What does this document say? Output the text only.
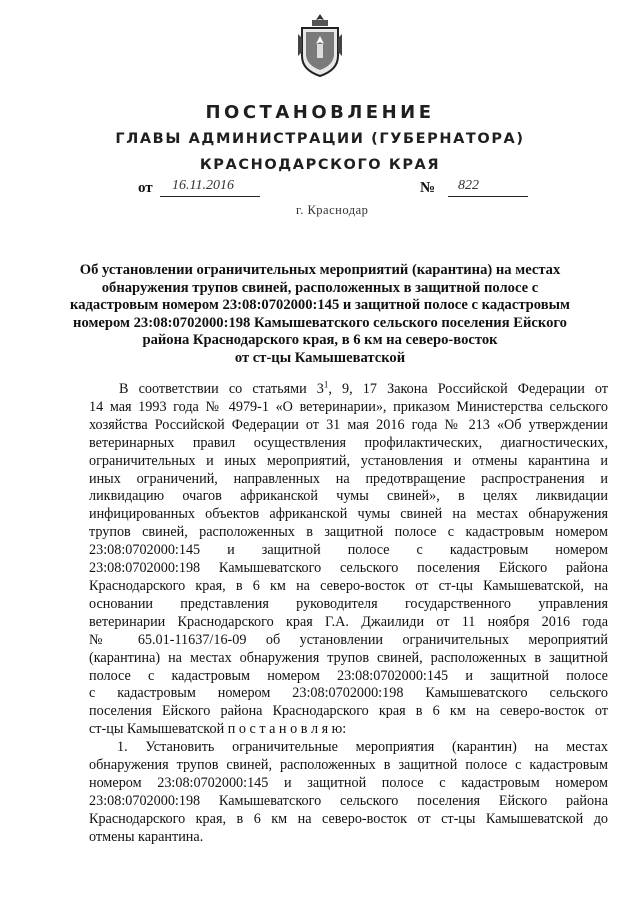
ПОСТАНОВЛЕНИЕ
ГЛАВЫ АДМИНИСТРАЦИИ (ГУБЕРНАТОРА)
КРАСНОДАРСКОГО КРАЯ
от 16.11.2016	№ 822
г. Краснодар
Об установлении ограничительных мероприятий (карантина) на местах
обнаружения трупов свиней, расположенных в защитной полосе с
кадастровым номером 23:08:0702000:145 и защитной полосе с кадастровым
номером 23:08:0702000:198 Камышеватского сельского поселения Ейского
района Краснодарского края, в 6 км на северо-восток
от ст-цы Камышеватской
В соответствии со статьями $3^1$, 9, 17 Закона Российской Федерации от
14 мая 1993 года № 4979-1 «О ветеринарии», приказом Министерства сельского
хозяйства Российской Федерации от 31 мая 2016 года № 213 «Об утверждении
ветеринарных правил осуществления профилактических, диагностических,
ограничительных и иных мероприятий, установления и отмены карантина и
иных ограничений, направленных на предотвращение распространения и
ликвидацию очагов африканской чумы свиней», в целях ликвидации
инфицированных объектов африканской чумы свиней на местах обнаружения
трупов свиней, расположенных в защитной полосе с кадастровым номером
23:08:0702000:145 и защитной полосе с кадастровым номером
23:08:0702000:198 Камышеватского сельского поселения Ейского района
Краснодарского края, в 6 км на северо-восток от ст-цы Камышеватской, на
основании представления руководителя государственного управления
ветеринарии Краснодарского края Г.А. Джаилиди от 11 ноября 2016 года
№ 65.01-11637/16-09 об установлении ограничительных мероприятий
(карантина) на местах обнаружения трупов свиней, расположенных в защитной
полосе с кадастровым номером 23:08:0702000:145 и защитной полосе
с кадастровым номером 23:08:0702000:198 Камышеватского сельского
поселения Ейского района Краснодарского края в 6 км на северо-восток от
ст-цы Камышеватской п о с т а н о в л я ю:
1. Установить ограничительные мероприятия (карантин) на местах
обнаружения трупов свиней, расположенных в защитной полосе с кадастровым
номером 23:08:0702000:145 и защитной полосе с кадастровым номером
23:08:0702000:198 Камышеватского сельского поселения Ейского района
Краснодарского края, в 6 км на северо-восток от ст-цы Камышеватской до
отмены карантина.
